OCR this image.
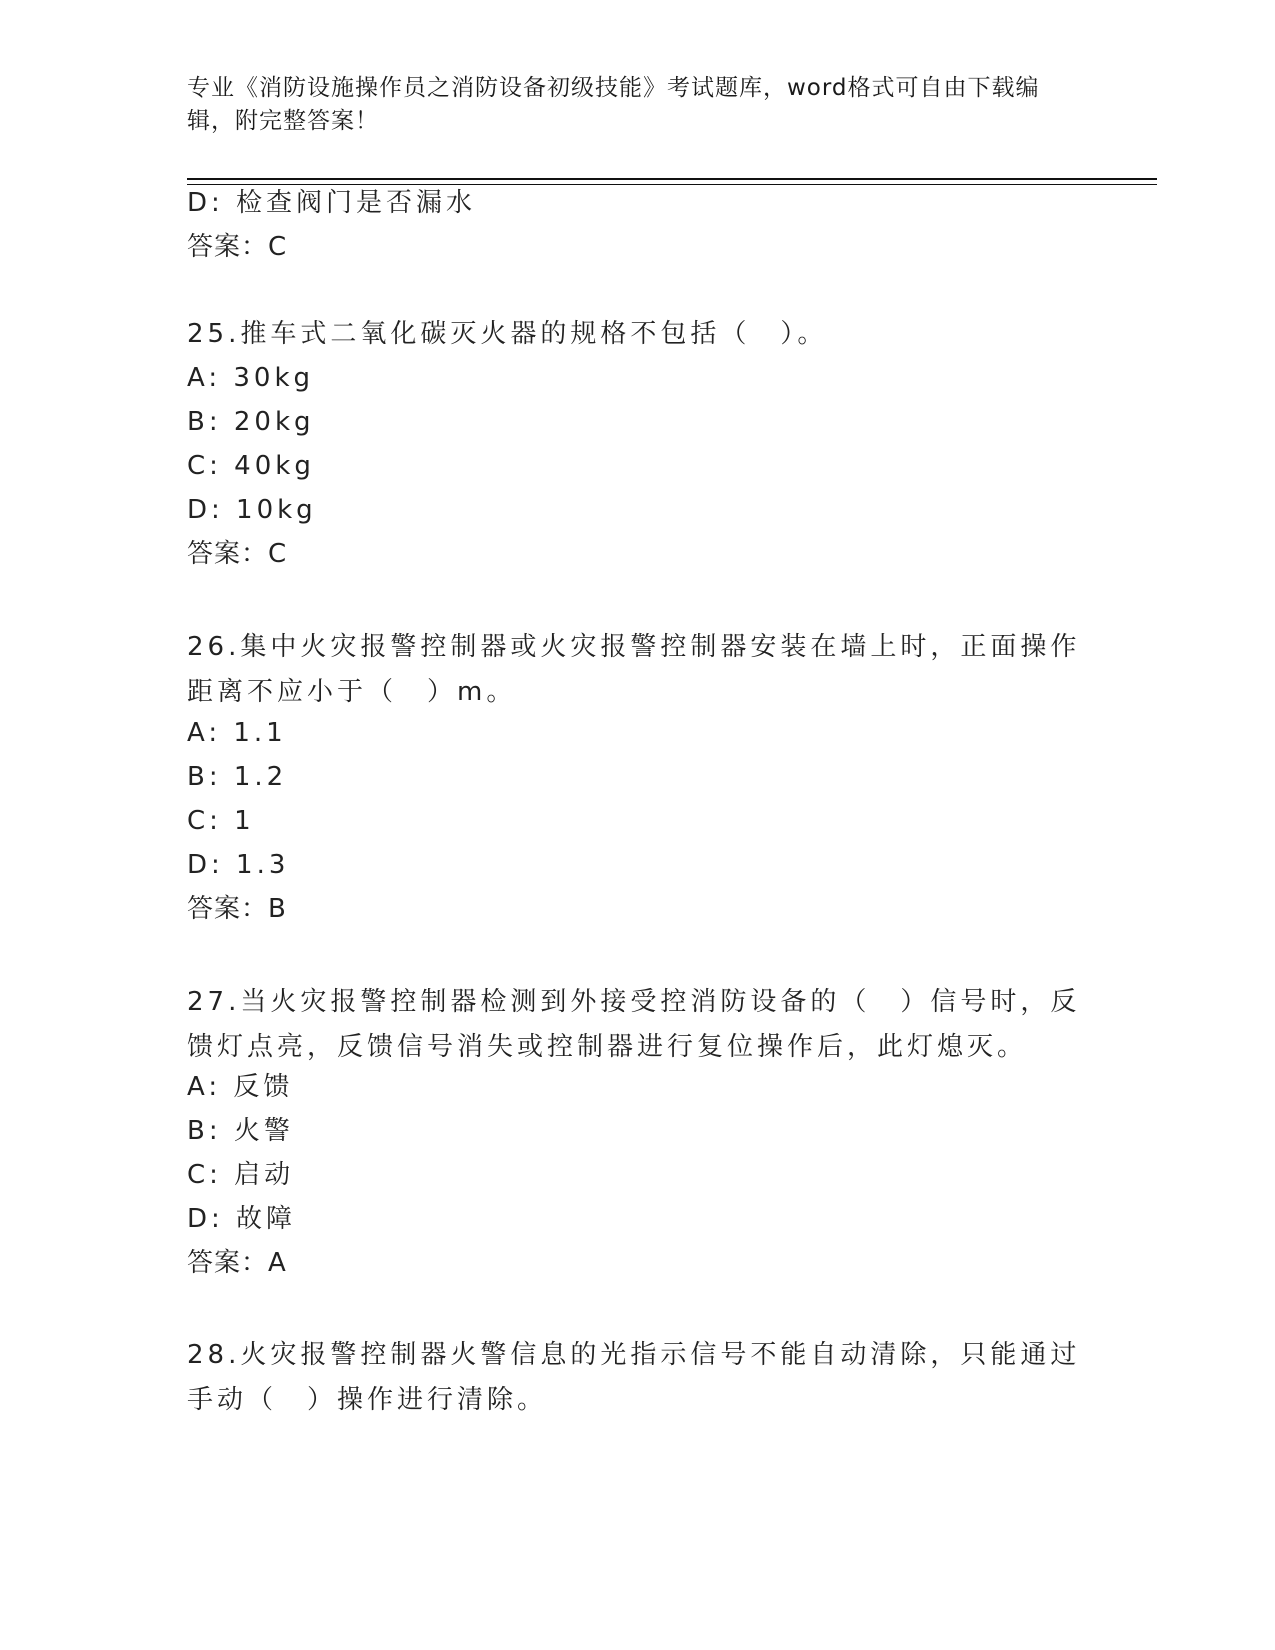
专业《消防设施操作员之消防设备初级技能》考试题库，word格式可自由下载编辑，附完整答案！
D: 检查阀门是否漏水
答案：C
25.推车式二氧化碳灭火器的规格不包括（　）。
A: 30kg
B: 20kg
C: 40kg
D: 10kg
答案：C
26.集中火灾报警控制器或火灾报警控制器安装在墙上时，正面操作距离不应小于（　）m。
A: 1.1
B: 1.2
C: 1
D: 1.3
答案：B
27.当火灾报警控制器检测到外接受控消防设备的（　）信号时，反馈灯点亮，反馈信号消失或控制器进行复位操作后，此灯熄灭。
A: 反馈
B: 火警
C: 启动
D: 故障
答案：A
28.火灾报警控制器火警信息的光指示信号不能自动清除，只能通过手动（　）操作进行清除。
